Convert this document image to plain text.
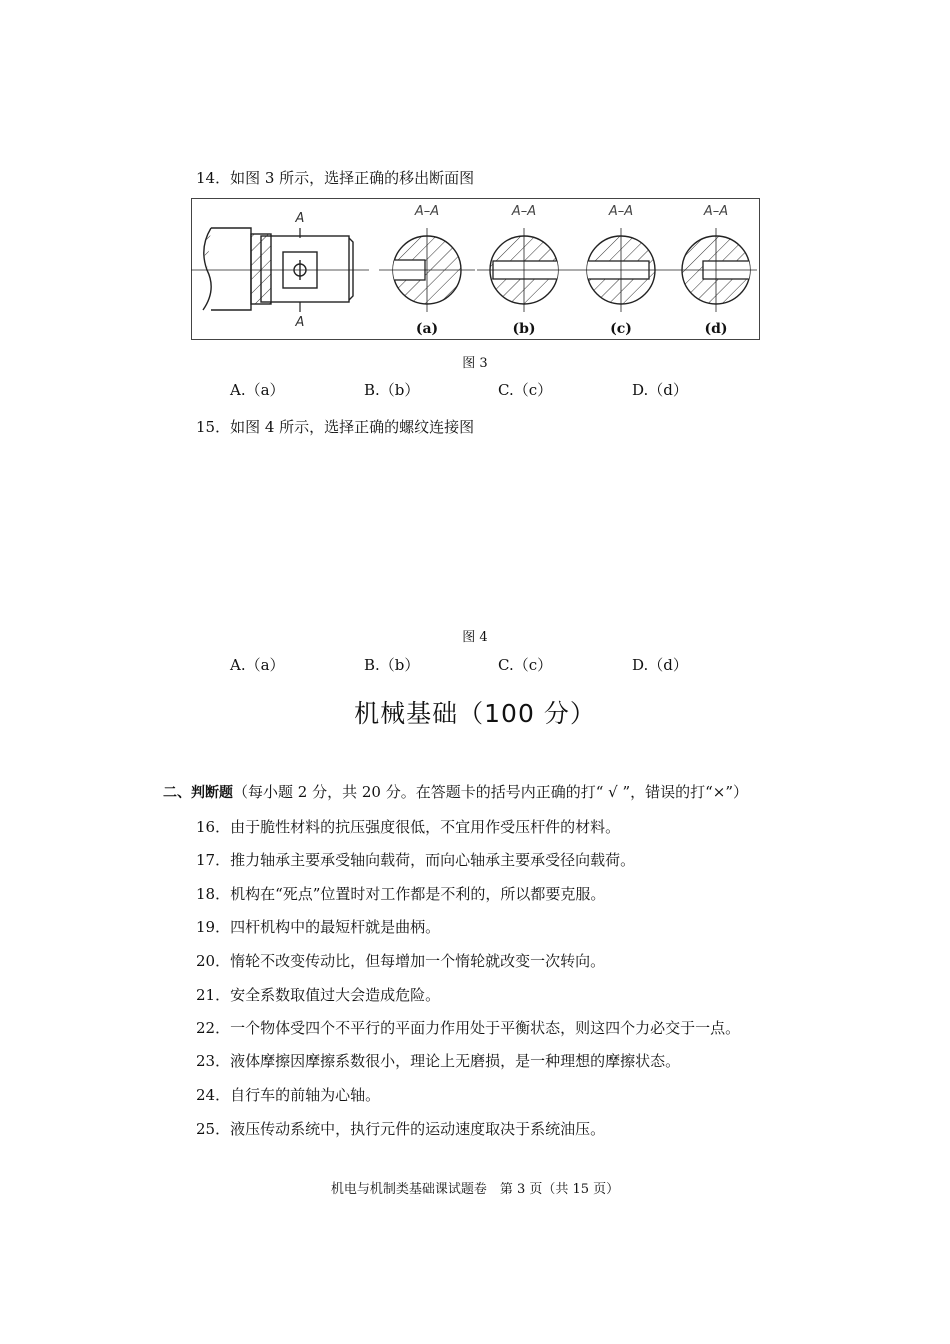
14．如图 3 所示，选择正确的移出断面图
A
A
A–A	A–A	A–A	A–A
(a)	(b)	(c)	(d)
图 3
A.（a）	B.（b）	C.（c）	D.（d）
15．如图 4 所示，选择正确的螺纹连接图
图 4
A.（a）	B.（b）	C.（c）	D.（d）
机械基础（100 分）
二、判断题（每小题 2 分，共 20 分。在答题卡的括号内正确的打“ √ ”，错误的打“×”）
16．由于脆性材料的抗压强度很低，不宜用作受压杆件的材料。
17．推力轴承主要承受轴向载荷，而向心轴承主要承受径向载荷。
18．机构在“死点”位置时对工作都是不利的，所以都要克服。
19．四杆机构中的最短杆就是曲柄。
20．惰轮不改变传动比，但每增加一个惰轮就改变一次转向。
21．安全系数取值过大会造成危险。
22．一个物体受四个不平行的平面力作用处于平衡状态，则这四个力必交于一点。
23．液体摩擦因摩擦系数很小，理论上无磨损，是一种理想的摩擦状态。
24．自行车的前轴为心轴。
25．液压传动系统中，执行元件的运动速度取决于系统油压。
机电与机制类基础课试题卷　第 3 页（共 15 页）
